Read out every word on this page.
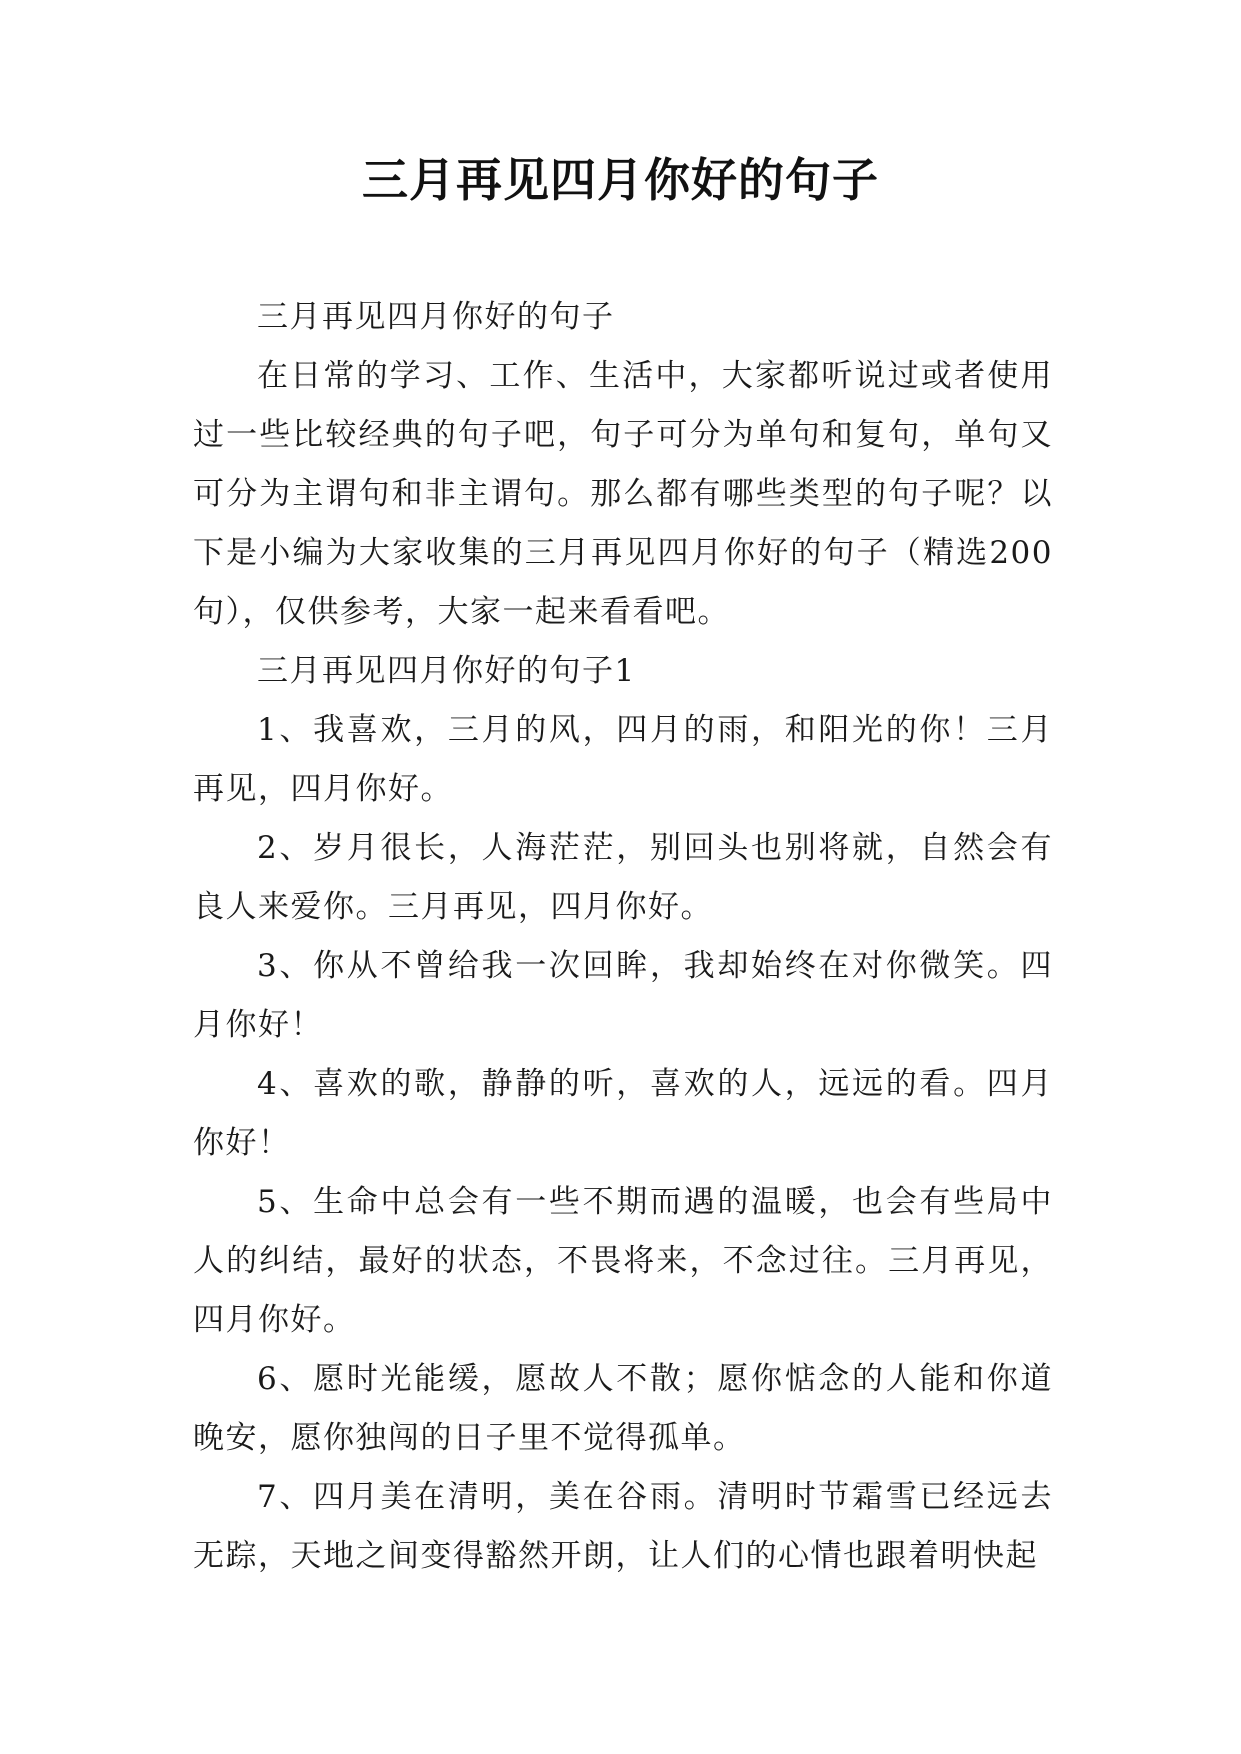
三月再见四月你好的句子

三月再见四月你好的句子

在日常的学习、工作、生活中，大家都听说过或者使用过一些比较经典的句子吧，句子可分为单句和复句，单句又可分为主谓句和非主谓句。那么都有哪些类型的句子呢？以下是小编为大家收集的三月再见四月你好的句子（精选200句），仅供参考，大家一起来看看吧。

三月再见四月你好的句子1

1、我喜欢，三月的风，四月的雨，和阳光的你！三月再见，四月你好。

2、岁月很长，人海茫茫，别回头也别将就，自然会有良人来爱你。三月再见，四月你好。

3、你从不曾给我一次回眸，我却始终在对你微笑。四月你好！

4、喜欢的歌，静静的听，喜欢的人，远远的看。四月你好！

5、生命中总会有一些不期而遇的温暖，也会有些局中人的纠结，最好的状态，不畏将来，不念过往。三月再见，四月你好。

6、愿时光能缓，愿故人不散；愿你惦念的人能和你道晚安，愿你独闯的日子里不觉得孤单。

7、四月美在清明，美在谷雨。清明时节霜雪已经远去无踪，天地之间变得豁然开朗，让人们的心情也跟着明快起
